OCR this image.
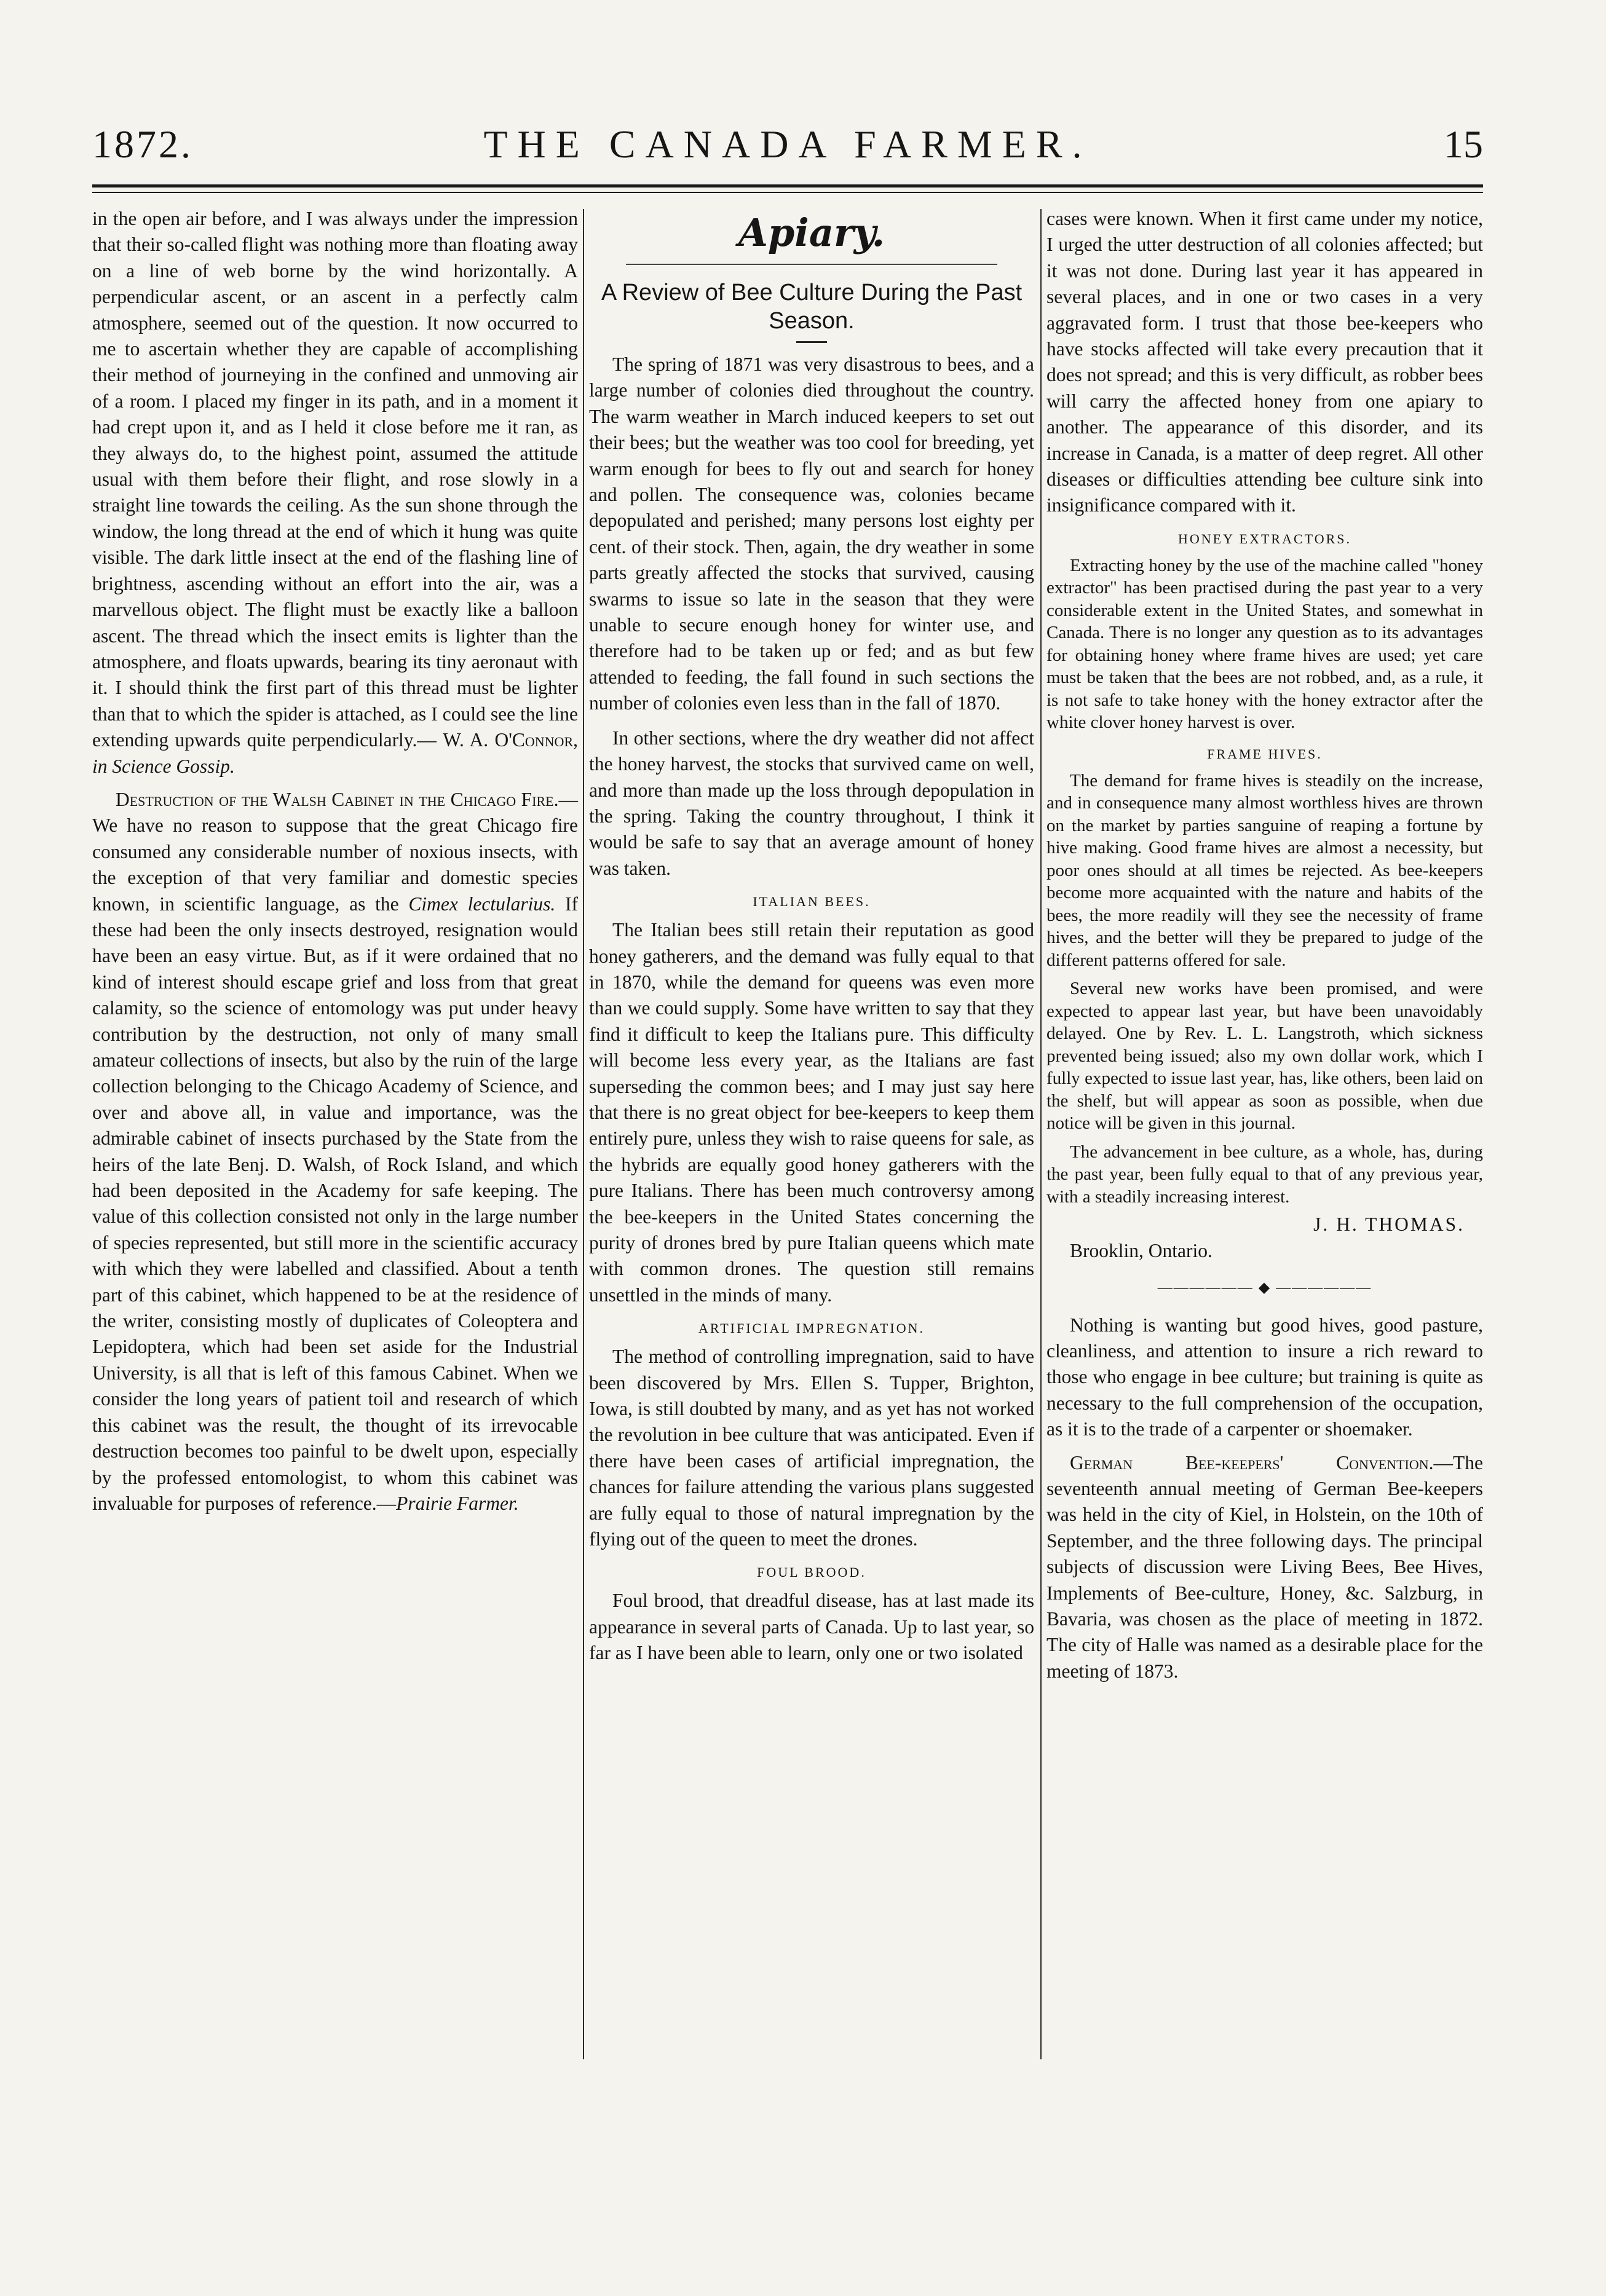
1872.	THE CANADA FARMER.	15

in the open air before, and I was always under the impression that their so-called flight was nothing more than floating away on a line of web borne by the wind horizontally. A perpendicular ascent, or an ascent in a perfectly calm atmosphere, seemed out of the question. It now occurred to me to ascertain whether they are capable of accomplishing their method of journeying in the confined and unmoving air of a room. I placed my finger in its path, and in a moment it had crept upon it, and as I held it close before me it ran, as they always do, to the highest point, assumed the attitude usual with them before their flight, and rose slowly in a straight line towards the ceiling. As the sun shone through the window, the long thread at the end of which it hung was quite visible. The dark little insect at the end of the flashing line of brightness, ascending without an effort into the air, was a marvellous object. The flight must be exactly like a balloon ascent. The thread which the insect emits is lighter than the atmosphere, and floats upwards, bearing its tiny aeronaut with it. I should think the first part of this thread must be lighter than that to which the spider is attached, as I could see the line extending upwards quite perpendicularly.— W. A. O'Connor, in Science Gossip.

Destruction of the Walsh Cabinet in the Chicago Fire.—We have no reason to suppose that the great Chicago fire consumed any considerable number of noxious insects, with the exception of that very familiar and domestic species known, in scientific language, as the Cimex lectularius. If these had been the only insects destroyed, resignation would have been an easy virtue. But, as if it were ordained that no kind of interest should escape grief and loss from that great calamity, so the science of entomology was put under heavy contribution by the destruction, not only of many small amateur collections of insects, but also by the ruin of the large collection belonging to the Chicago Academy of Science, and over and above all, in value and importance, was the admirable cabinet of insects purchased by the State from the heirs of the late Benj. D. Walsh, of Rock Island, and which had been deposited in the Academy for safe keeping. The value of this collection consisted not only in the large number of species represented, but still more in the scientific accuracy with which they were labelled and classified. About a tenth part of this cabinet, which happened to be at the residence of the writer, consisting mostly of duplicates of Coleoptera and Lepidoptera, which had been set aside for the Industrial University, is all that is left of this famous Cabinet. When we consider the long years of patient toil and research of which this cabinet was the result, the thought of its irrevocable destruction becomes too painful to be dwelt upon, especially by the professed entomologist, to whom this cabinet was invaluable for purposes of reference.—Prairie Farmer.

Apiary.
A Review of Bee Culture During the Past Season.

The spring of 1871 was very disastrous to bees, and a large number of colonies died throughout the country. The warm weather in March induced keepers to set out their bees; but the weather was too cool for breeding, yet warm enough for bees to fly out and search for honey and pollen. The consequence was, colonies became depopulated and perished; many persons lost eighty per cent. of their stock. Then, again, the dry weather in some parts greatly affected the stocks that survived, causing swarms to issue so late in the season that they were unable to secure enough honey for winter use, and therefore had to be taken up or fed; and as but few attended to feeding, the fall found in such sections the number of colonies even less than in the fall of 1870.

In other sections, where the dry weather did not affect the honey harvest, the stocks that survived came on well, and more than made up the loss through depopulation in the spring. Taking the country throughout, I think it would be safe to say that an average amount of honey was taken.

ITALIAN BEES.

The Italian bees still retain their reputation as good honey gatherers, and the demand was fully equal to that in 1870, while the demand for queens was even more than we could supply. Some have written to say that they find it difficult to keep the Italians pure. This difficulty will become less every year, as the Italians are fast superseding the common bees; and I may just say here that there is no great object for bee-keepers to keep them entirely pure, unless they wish to raise queens for sale, as the hybrids are equally good honey gatherers with the pure Italians. There has been much controversy among the bee-keepers in the United States concerning the purity of drones bred by pure Italian queens which mate with common drones. The question still remains unsettled in the minds of many.

ARTIFICIAL IMPREGNATION.

The method of controlling impregnation, said to have been discovered by Mrs. Ellen S. Tupper, Brighton, Iowa, is still doubted by many, and as yet has not worked the revolution in bee culture that was anticipated. Even if there have been cases of artificial impregnation, the chances for failure attending the various plans suggested are fully equal to those of natural impregnation by the flying out of the queen to meet the drones.

FOUL BROOD.

Foul brood, that dreadful disease, has at last made its appearance in several parts of Canada. Up to last year, so far as I have been able to learn, only one or two isolated

cases were known. When it first came under my notice, I urged the utter destruction of all colonies affected; but it was not done. During last year it has appeared in several places, and in one or two cases in a very aggravated form. I trust that those bee-keepers who have stocks affected will take every precaution that it does not spread; and this is very difficult, as robber bees will carry the affected honey from one apiary to another. The appearance of this disorder, and its increase in Canada, is a matter of deep regret. All other diseases or difficulties attending bee culture sink into insignificance compared with it.

HONEY EXTRACTORS.

Extracting honey by the use of the machine called "honey extractor" has been practised during the past year to a very considerable extent in the United States, and somewhat in Canada. There is no longer any question as to its advantages for obtaining honey where frame hives are used; yet care must be taken that the bees are not robbed, and, as a rule, it is not safe to take honey with the honey extractor after the white clover honey harvest is over.

FRAME HIVES.

The demand for frame hives is steadily on the increase, and in consequence many almost worthless hives are thrown on the market by parties sanguine of reaping a fortune by hive making. Good frame hives are almost a necessity, but poor ones should at all times be rejected. As bee-keepers become more acquainted with the nature and habits of the bees, the more readily will they see the necessity of frame hives, and the better will they be prepared to judge of the different patterns offered for sale.

Several new works have been promised, and were expected to appear last year, but have been unavoidably delayed. One by Rev. L. L. Langstroth, which sickness prevented being issued; also my own dollar work, which I fully expected to issue last year, has, like others, been laid on the shelf, but will appear as soon as possible, when due notice will be given in this journal.

The advancement in bee culture, as a whole, has, during the past year, been fully equal to that of any previous year, with a steadily increasing interest.

J. H. THOMAS.

Brooklin, Ontario.

—————— ◆ ——————

Nothing is wanting but good hives, good pasture, cleanliness, and attention to insure a rich reward to those who engage in bee culture; but training is quite as necessary to the full comprehension of the occupation, as it is to the trade of a carpenter or shoemaker.

German Bee-keepers' Convention.—The seventeenth annual meeting of German Bee-keepers was held in the city of Kiel, in Holstein, on the 10th of September, and the three following days. The principal subjects of discussion were Living Bees, Bee Hives, Implements of Bee-culture, Honey, &c. Salzburg, in Bavaria, was chosen as the place of meeting in 1872. The city of Halle was named as a desirable place for the meeting of 1873.
